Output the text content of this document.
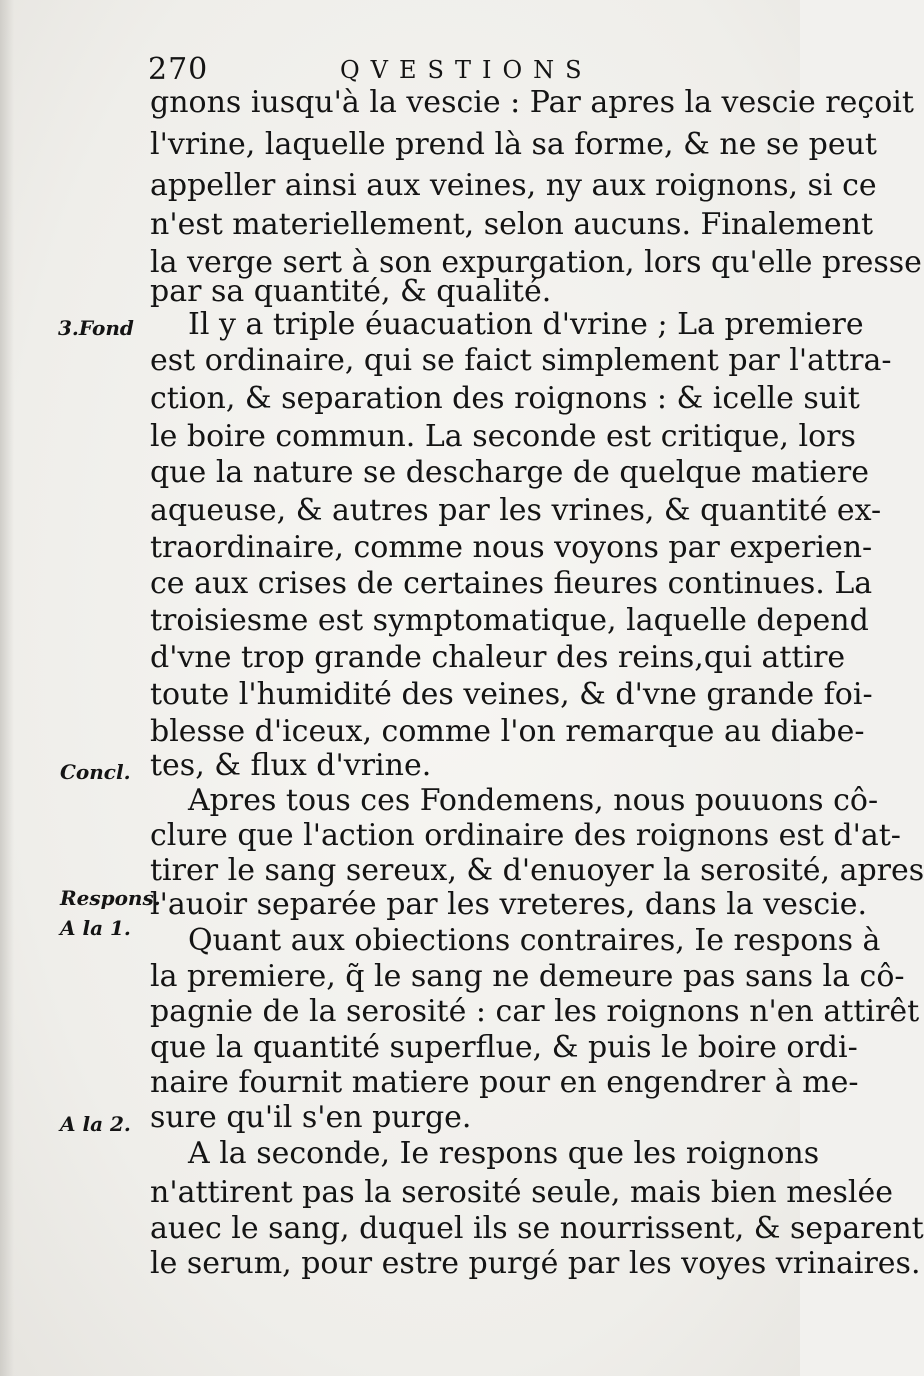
270	QVESTIONS
3.Fond
Concl.
Respons.
A la 1.
A la 2.
gnons iusqu'à la vescie : Par apres la vescie reçoit
l'vrine, laquelle prend là sa forme, & ne se peut
appeller ainsi aux veines, ny aux roignons, si ce
n'est materiellement, selon aucuns. Finalement
la verge sert à son expurgation, lors qu'elle presse
par sa quantité, & qualité.
Il y a triple éuacuation d'vrine ; La premiere
est ordinaire, qui se faict simplement par l'attra-
ction, & separation des roignons : & icelle suit
le boire commun. La seconde est critique, lors
que la nature se descharge de quelque matiere
aqueuse, & autres par les vrines, & quantité ex-
traordinaire, comme nous voyons par experien-
ce aux crises de certaines fieures continues. La
troisiesme est symptomatique, laquelle depend
d'vne trop grande chaleur des reins,qui attire
toute l'humidité des veines, & d'vne grande foi-
blesse d'iceux, comme l'on remarque au diabe-
tes, & flux d'vrine.
Apres tous ces Fondemens, nous pouuons cô-
clure que l'action ordinaire des roignons est d'at-
tirer le sang sereux, & d'enuoyer la serosité, apres
l'auoir separée par les vreteres, dans la vescie.
Quant aux obiections contraires, Ie respons à
la premiere, q̃ le sang ne demeure pas sans la cô-
pagnie de la serosité : car les roignons n'en attirêt
que la quantité superflue, & puis le boire ordi-
naire fournit matiere pour en engendrer à me-
sure qu'il s'en purge.
A la seconde, Ie respons que les roignons
n'attirent pas la serosité seule, mais bien meslée
auec le sang, duquel ils se nourrissent, & separent
le serum, pour estre purgé par les voyes vrinaires.
